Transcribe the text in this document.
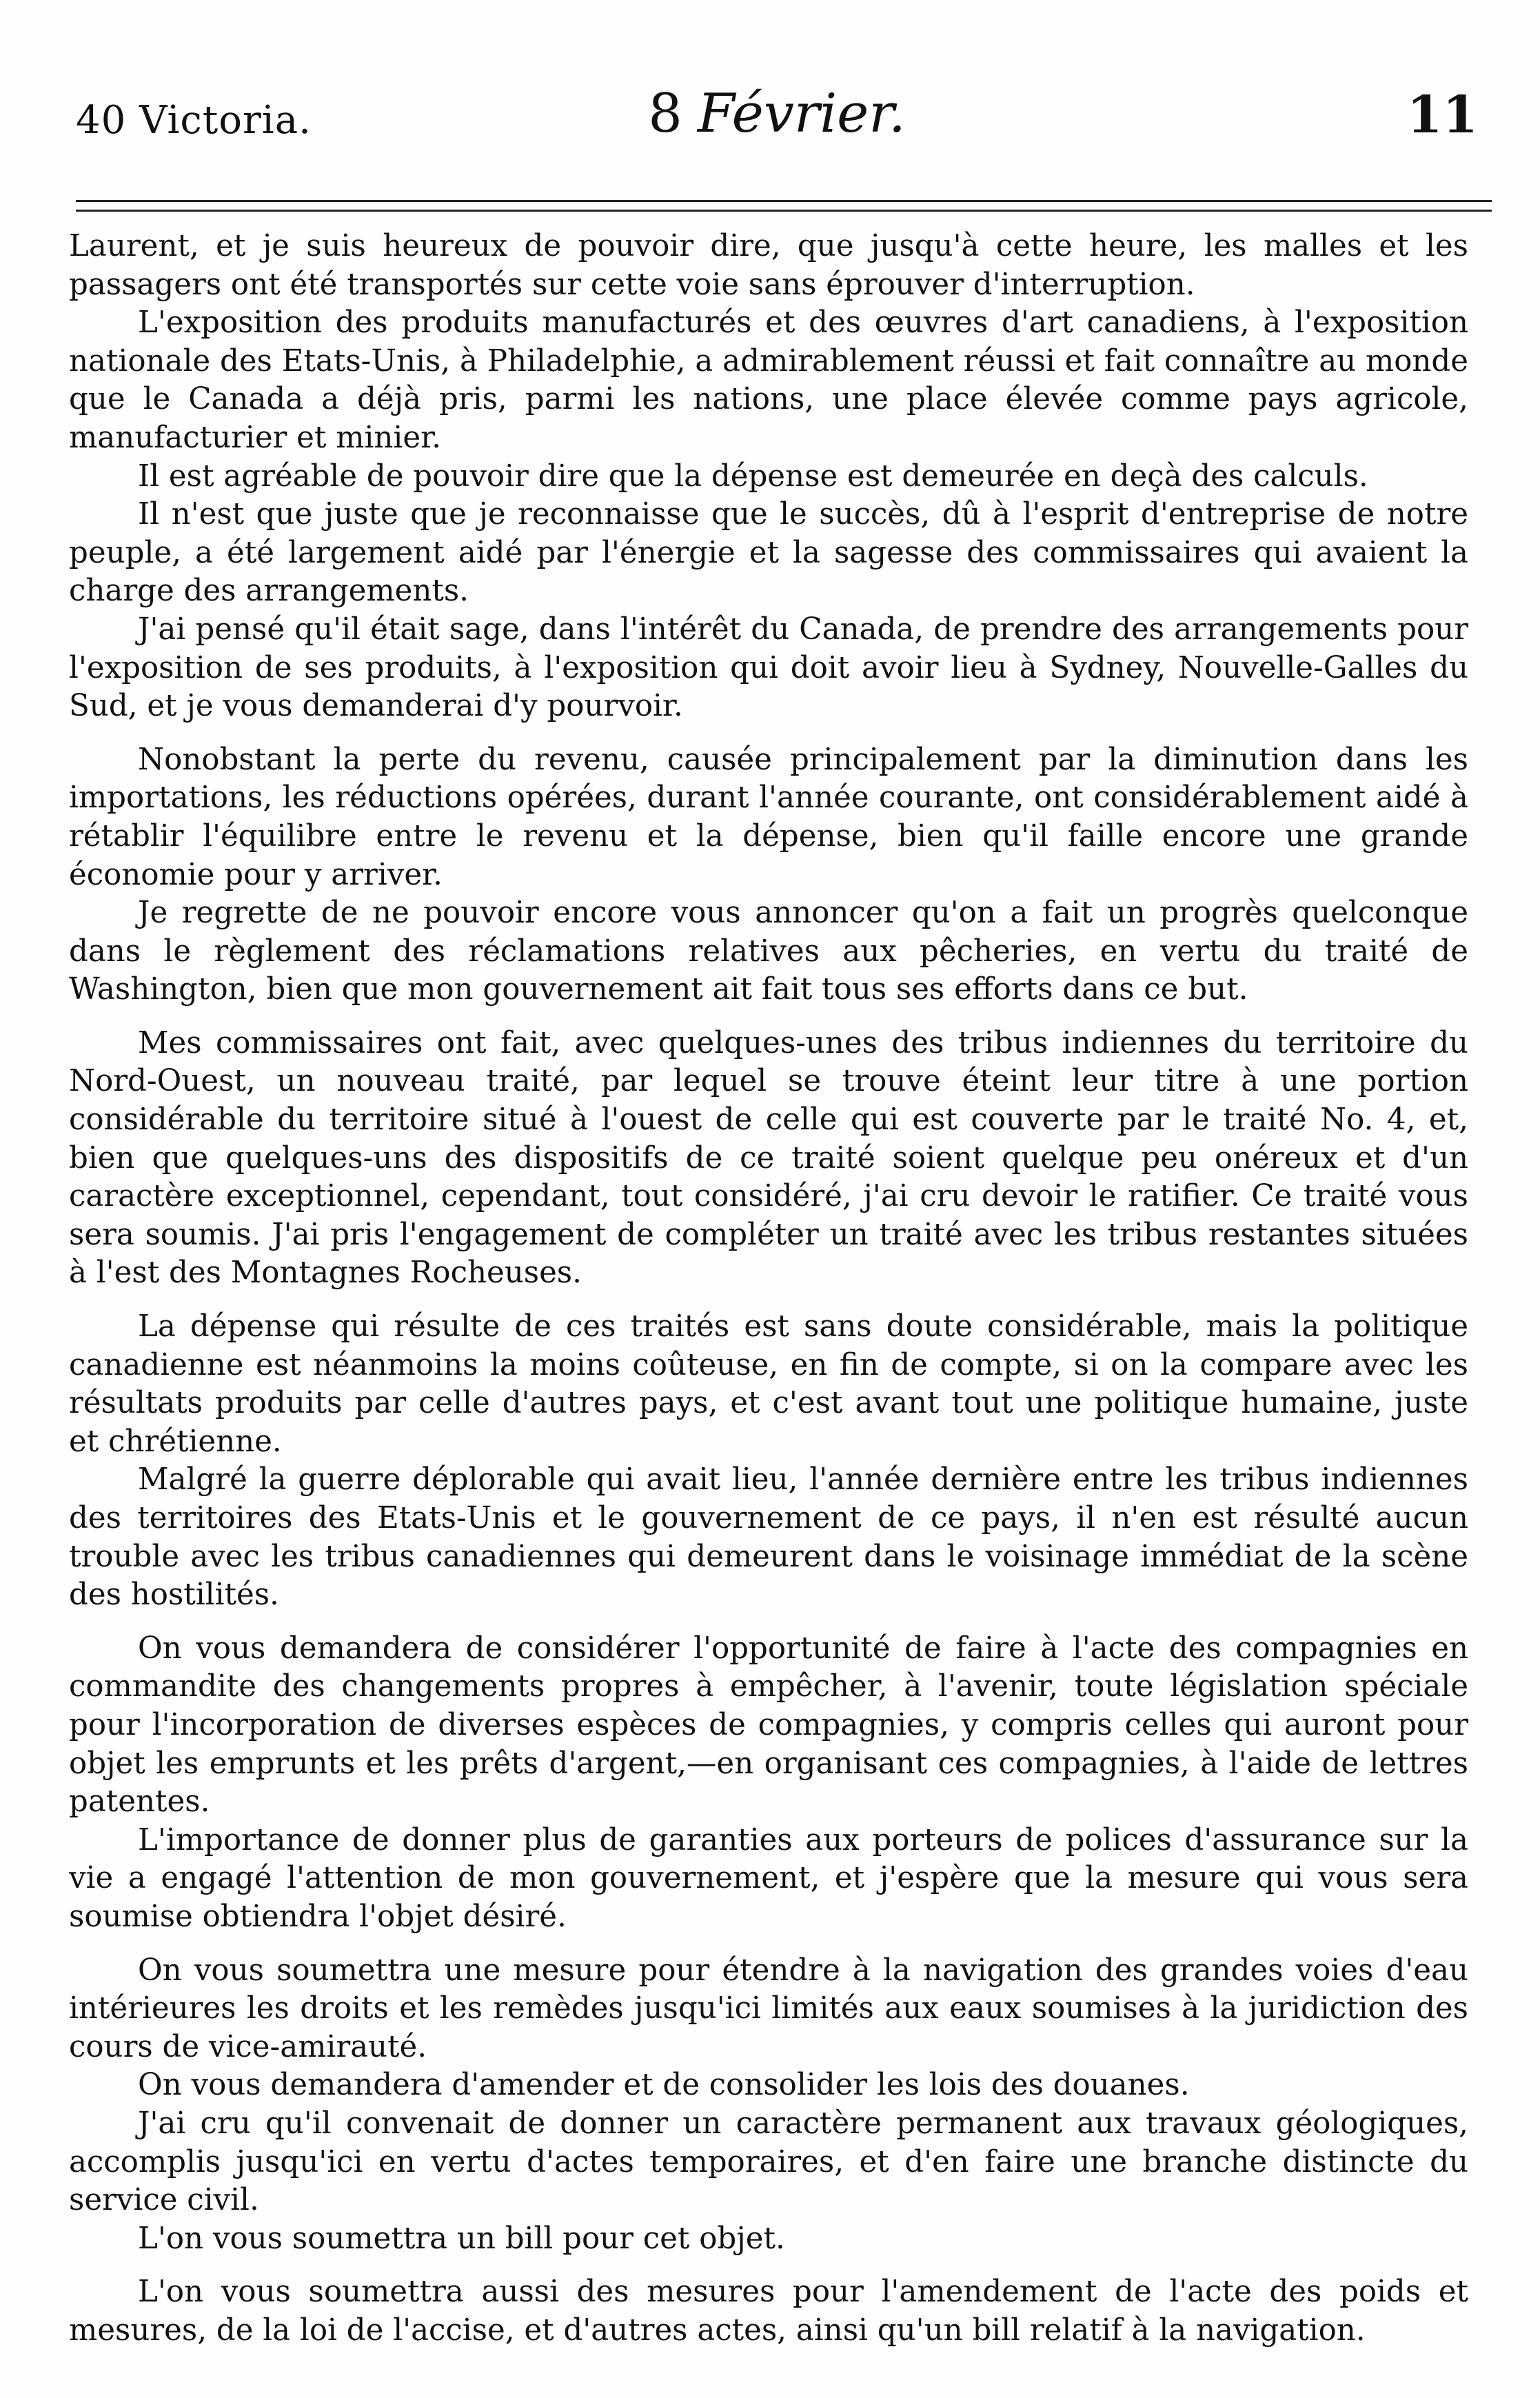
40 Victoria.	8 Février.	11

Laurent, et je suis heureux de pouvoir dire, que jusqu'à cette heure, les malles et les passagers ont été transportés sur cette voie sans éprouver d'interruption.

L'exposition des produits manufacturés et des œuvres d'art canadiens, à l'exposition nationale des Etats-Unis, à Philadelphie, a admirablement réussi et fait connaître au monde que le Canada a déjà pris, parmi les nations, une place élevée comme pays agricole, manufacturier et minier.

Il est agréable de pouvoir dire que la dépense est demeurée en deçà des calculs.

Il n'est que juste que je reconnaisse que le succès, dû à l'esprit d'entreprise de notre peuple, a été largement aidé par l'énergie et la sagesse des commissaires qui avaient la charge des arrangements.

J'ai pensé qu'il était sage, dans l'intérêt du Canada, de prendre des arrangements pour l'exposition de ses produits, à l'exposition qui doit avoir lieu à Sydney, Nouvelle-Galles du Sud, et je vous demanderai d'y pourvoir.

Nonobstant la perte du revenu, causée principalement par la diminution dans les importations, les réductions opérées, durant l'année courante, ont considérablement aidé à rétablir l'équilibre entre le revenu et la dépense, bien qu'il faille encore une grande économie pour y arriver.

Je regrette de ne pouvoir encore vous annoncer qu'on a fait un progrès quelconque dans le règlement des réclamations relatives aux pêcheries, en vertu du traité de Washington, bien que mon gouvernement ait fait tous ses efforts dans ce but.

Mes commissaires ont fait, avec quelques-unes des tribus indiennes du territoire du Nord-Ouest, un nouveau traité, par lequel se trouve éteint leur titre à une portion considérable du territoire situé à l'ouest de celle qui est couverte par le traité No. 4, et, bien que quelques-uns des dispositifs de ce traité soient quelque peu onéreux et d'un caractère exceptionnel, cependant, tout considéré, j'ai cru devoir le ratifier. Ce traité vous sera soumis. J'ai pris l'engagement de compléter un traité avec les tribus restantes situées à l'est des Montagnes Rocheuses.

La dépense qui résulte de ces traités est sans doute considérable, mais la politique canadienne est néanmoins la moins coûteuse, en fin de compte, si on la compare avec les résultats produits par celle d'autres pays, et c'est avant tout une politique humaine, juste et chrétienne.

Malgré la guerre déplorable qui avait lieu, l'année dernière entre les tribus indiennes des territoires des Etats-Unis et le gouvernement de ce pays, il n'en est résulté aucun trouble avec les tribus canadiennes qui demeurent dans le voisinage immédiat de la scène des hostilités.

On vous demandera de considérer l'opportunité de faire à l'acte des compagnies en commandite des changements propres à empêcher, à l'avenir, toute législation spéciale pour l'incorporation de diverses espèces de compagnies, y compris celles qui auront pour objet les emprunts et les prêts d'argent,—en organisant ces compagnies, à l'aide de lettres patentes.

L'importance de donner plus de garanties aux porteurs de polices d'assurance sur la vie a engagé l'attention de mon gouvernement, et j'espère que la mesure qui vous sera soumise obtiendra l'objet désiré.

On vous soumettra une mesure pour étendre à la navigation des grandes voies d'eau intérieures les droits et les remèdes jusqu'ici limités aux eaux soumises à la juridiction des cours de vice-amirauté.

On vous demandera d'amender et de consolider les lois des douanes.

J'ai cru qu'il convenait de donner un caractère permanent aux travaux géologiques, accomplis jusqu'ici en vertu d'actes temporaires, et d'en faire une branche distincte du service civil.

L'on vous soumettra un bill pour cet objet.

L'on vous soumettra aussi des mesures pour l'amendement de l'acte des poids et mesures, de la loi de l'accise, et d'autres actes, ainsi qu'un bill relatif à la navigation.
